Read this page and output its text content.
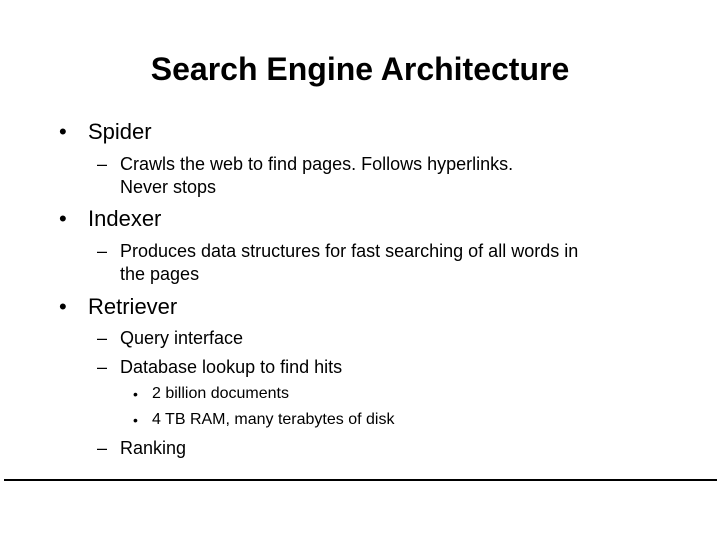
Search Engine Architecture
• Spider
– Crawls the web to find pages. Follows hyperlinks.
Never stops
• Indexer
– Produces data structures for fast searching of all words in
the pages
• Retriever
– Query interface
– Database lookup to find hits
• 2 billion documents
• 4 TB RAM, many terabytes of disk
– Ranking
